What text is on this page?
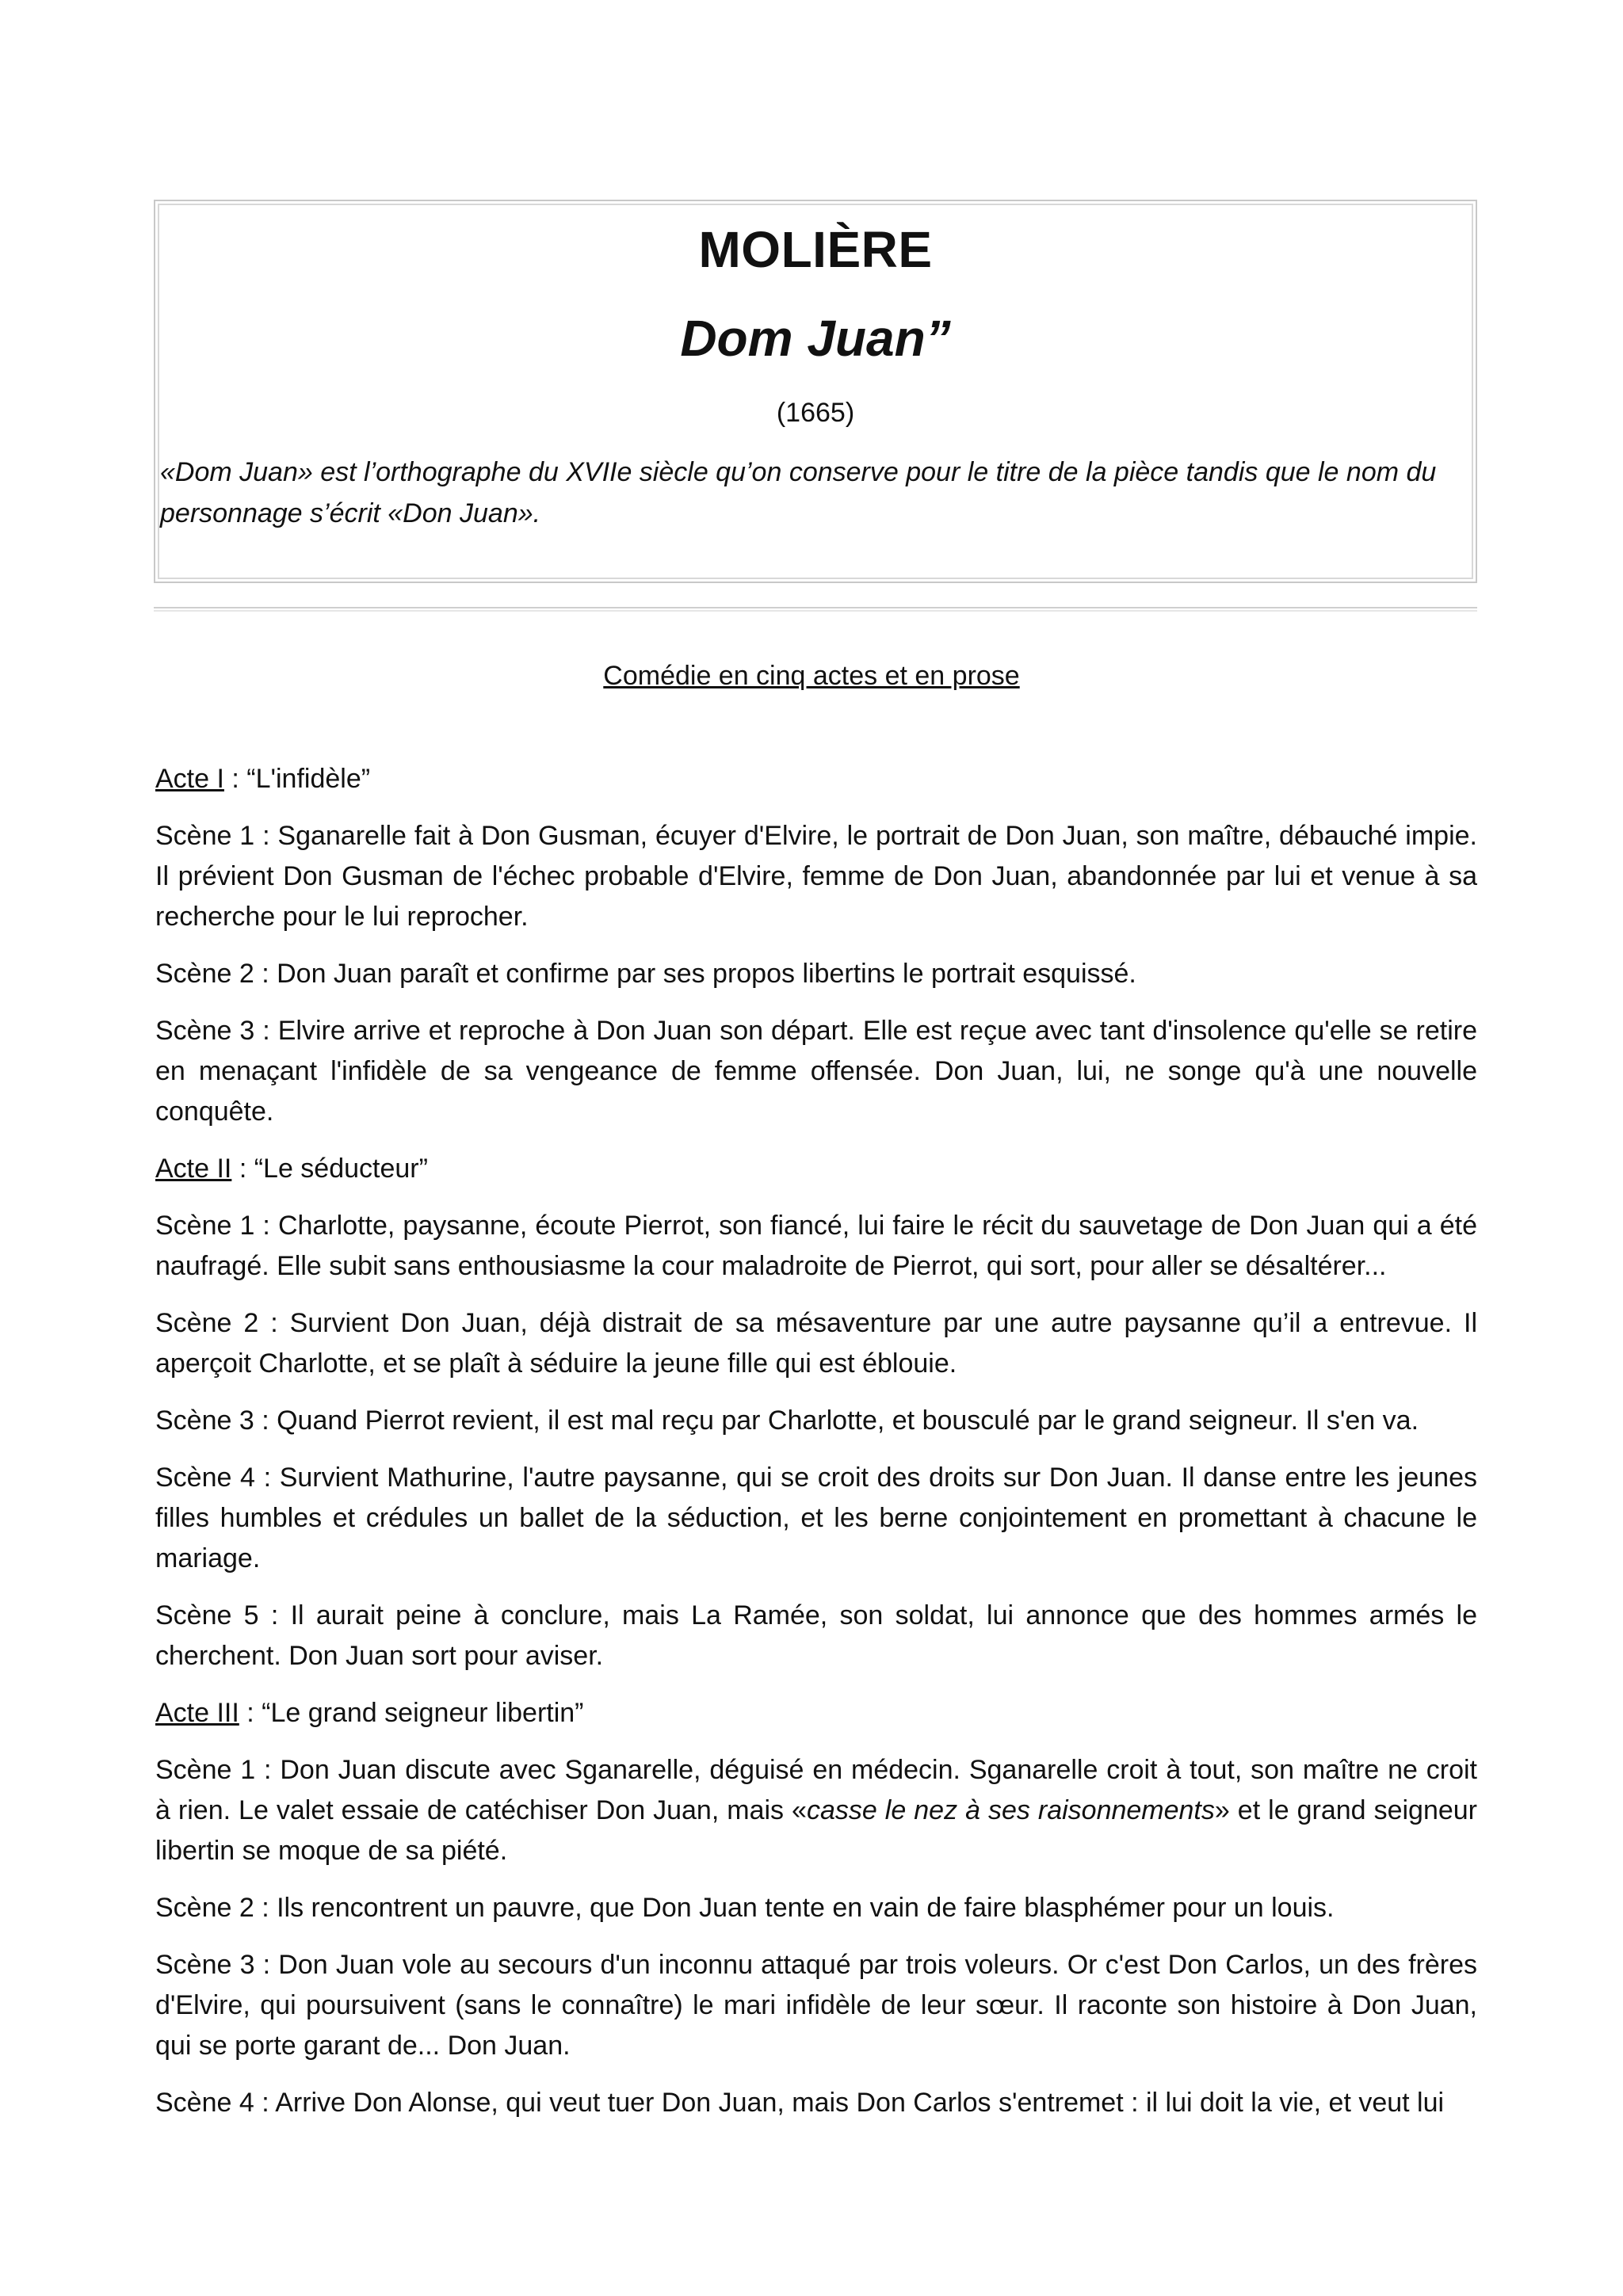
MOLIÈRE
Dom Juan”
(1665)
«Dom Juan» est l’orthographe du XVIIe siècle qu’on conserve pour le titre de la pièce tandis que le nom du personnage s’écrit «Don Juan».
Comédie en cinq actes et en prose

Acte I : “L'infidèle”

Scène 1 : Sganarelle fait à Don Gusman, écuyer d'Elvire, le portrait de Don Juan, son maître, débauché impie. Il prévient Don Gusman de l'échec probable d'Elvire, femme de Don Juan, abandonnée par lui et venue à sa recherche pour le lui reprocher.

Scène 2 : Don Juan paraît et confirme par ses propos libertins le portrait esquissé.

Scène 3 : Elvire arrive et reproche à Don Juan son départ. Elle est reçue avec tant d'insolence qu'elle se retire en menaçant l'infidèle de sa vengeance de femme offensée. Don Juan, lui, ne songe qu'à une nouvelle conquête.

Acte II : “Le séducteur”

Scène 1 : Charlotte, paysanne, écoute Pierrot, son fiancé, lui faire le récit du sauvetage de Don Juan qui a été naufragé. Elle subit sans enthousiasme la cour maladroite de Pierrot, qui sort, pour aller se désaltérer...

Scène 2 : Survient Don Juan, déjà distrait de sa mésaventure par une autre paysanne qu’il a entrevue. Il aperçoit Charlotte, et se plaît à séduire la jeune fille qui est éblouie.

Scène 3 : Quand Pierrot revient, il est mal reçu par Charlotte, et bousculé par le grand seigneur. Il s'en va.

Scène 4 : Survient Mathurine, l'autre paysanne, qui se croit des droits sur Don Juan. Il danse entre les jeunes filles humbles et crédules un ballet de la séduction, et les berne conjointement en promettant à chacune le mariage.

Scène 5 : Il aurait peine à conclure, mais La Ramée, son soldat, lui annonce que des hommes armés le cherchent. Don Juan sort pour aviser.

Acte III : “Le grand seigneur libertin”

Scène 1 : Don Juan discute avec Sganarelle, déguisé en médecin. Sganarelle croit à tout, son maître ne croit à rien. Le valet essaie de catéchiser Don Juan, mais «casse le nez à ses raisonnements» et le grand seigneur libertin se moque de sa piété.

Scène 2 : Ils rencontrent un pauvre, que Don Juan tente en vain de faire blasphémer pour un louis.

Scène 3 : Don Juan vole au secours d'un inconnu attaqué par trois voleurs. Or c'est Don Carlos, un des frères d'Elvire, qui poursuivent (sans le connaître) le mari infidèle de leur sœur. Il raconte son histoire à Don Juan, qui se porte garant de... Don Juan.

Scène 4 : Arrive Don Alonse, qui veut tuer Don Juan, mais Don Carlos s'entremet : il lui doit la vie, et veut lui
